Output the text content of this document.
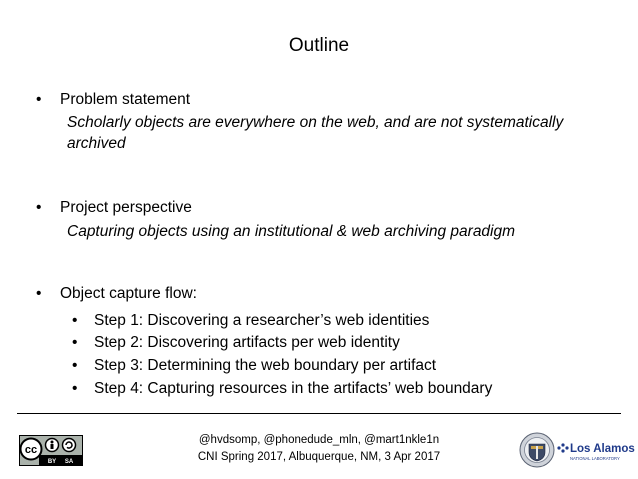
Outline
• Problem statement
Scholarly objects are everywhere on the web, and are not systematically archived
• Project perspective
Capturing objects using an institutional & web archiving paradigm
• Object capture flow:
• Step 1: Discovering a researcher’s web identities
• Step 2: Discovering artifacts per web identity
• Step 3: Determining the web boundary per artifact
• Step 4: Capturing resources in the artifacts’ web boundary
cc
BY SA
@hvdsomp, @phonedude_mln, @mart1nkle1n
CNI Spring 2017, Albuquerque, NM, 3 Apr 2017
Los Alamos
NATIONAL LABORATORY
